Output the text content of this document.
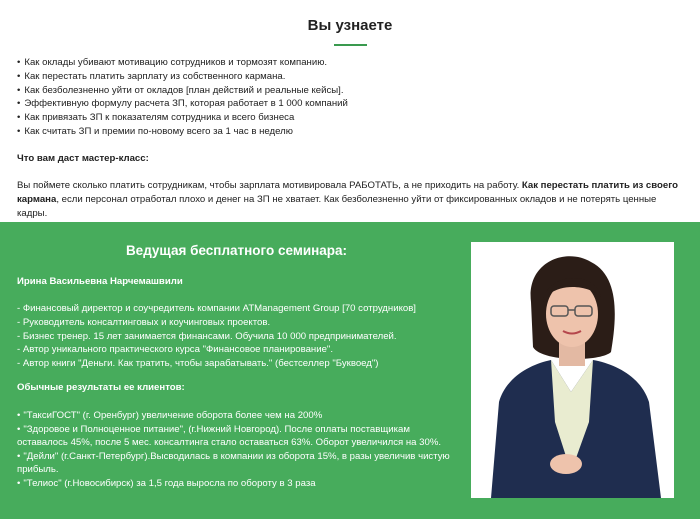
Вы узнаете
• Как оклады убивают мотивацию сотрудников и тормозят компанию.
• Как перестать платить зарплату из собственного кармана.
• Как безболезненно уйти от окладов [план действий и реальные кейсы].
• Эффективную формулу расчета ЗП, которая работает в 1 000 компаний
• Как привязать ЗП к показателям сотрудника и всего бизнеса
• Как считать ЗП и премии по-новому всего за 1 час в неделю
Что вам даст мастер-класс:
Вы поймете сколько платить сотрудникам, чтобы зарплата мотивировала РАБОТАТЬ, а не приходить на работу. Как перестать платить из своего кармана, если персонал отработал плохо и денег на ЗП не хватает. Как безболезненно уйти от фиксированных окладов и не потерять ценные кадры.
Ведущая бесплатного семинара:
Ирина Васильевна Нарчемашвили
- Финансовый директор и соучредитель компании ATManagement Group [70 сотрудников]
- Руководитель консалтинговых и коучинговых проектов.
- Бизнес тренер. 15 лет занимается финансами. Обучила 10 000 предпринимателей.
- Автор уникального практического курса "Финансовое планирование".
- Автор книги "Деньги. Как тратить, чтобы зарабатывать." (бестселлер "Буквоед")
Обычные результаты ее клиентов:
• "ТаксиГОСТ" (г. Оренбург) увеличение оборота более чем на 200%
• "Здоровое и Полноценное питание", (г.Нижний Новгород). После оплаты поставщикам оставалось 45%, после 5 мес. консалтинга стало оставаться 63%. Оборот увеличился на 30%.
• "Дейли" (г.Санкт-Петербург).Высводилась в компании из оборота 15%, в разы увеличив чистую прибыль.
• "Телиос" (г.Новосибирск) за 1,5 года выросла по обороту в 3 раза
